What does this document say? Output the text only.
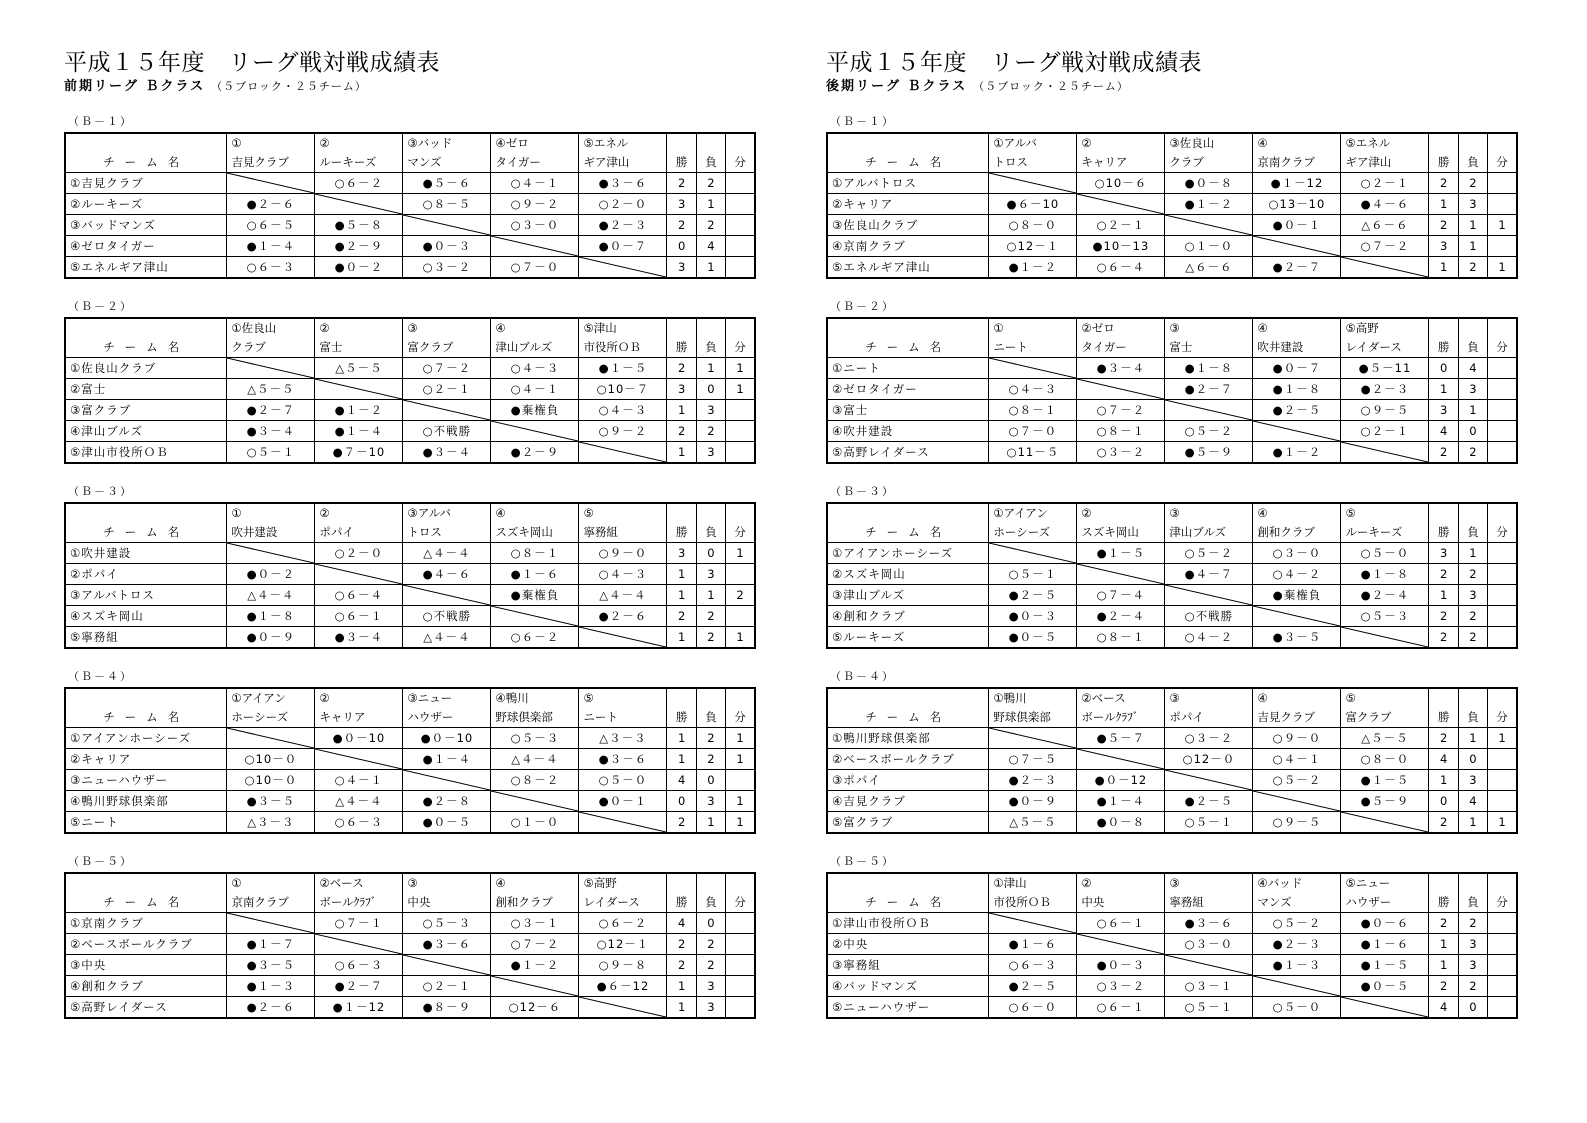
平成１５年度　リーグ戦対戦成績表
前期リーグ Ｂクラス （５ブロック・２５チーム）
（Ｂ－１）
	①	②	③バッド	④ゼロ	⑤エネル			
チーム名	吉見クラブ	ルーキーズ	マンズ	タイガー	ギア津山	勝	負	分
①吉見クラブ		○６－２	●５－６	○４－１	●３－６	2	2	
②ルーキーズ	●２－６		○８－５	○９－２	○２－０	3	1	
③バッドマンズ	○６－５	●５－８		○３－０	●２－３	2	2	
④ゼロタイガー	●１－４	●２－９	●０－３		●０－７	0	4	
⑤エネルギア津山	○６－３	●０－２	○３－２	○７－０		3	1	
（Ｂ－２）
	①佐良山	②	③	④	⑤津山			
チーム名	クラブ	富士	富クラブ	津山ブルズ	市役所ＯＢ	勝	負	分
①佐良山クラブ		△５－５	○７－２	○４－３	●１－５	2	1	1
②富士	△５－５		○２－１	○４－１	○10－７	3	0	1
③富クラブ	●２－７	●１－２		●棄権負	○４－３	1	3	
④津山ブルズ	●３－４	●１－４	○不戦勝		○９－２	2	2	
⑤津山市役所ＯＢ	○５－１	●７－10	●３－４	●２－９		1	3	
（Ｂ－３）
	①	②	③アルバ	④	⑤			
チーム名	吹井建設	ポパイ	トロス	スズキ岡山	寧務組	勝	負	分
①吹井建設		○２－０	△４－４	○８－１	○９－０	3	0	1
②ポパイ	●０－２		●４－６	●１－６	○４－３	1	3	
③アルバトロス	△４－４	○６－４		●棄権負	△４－４	1	1	2
④スズキ岡山	●１－８	○６－１	○不戦勝		●２－６	2	2	
⑤寧務組	●０－９	●３－４	△４－４	○６－２		1	2	1
（Ｂ－４）
	①アイアン	②	③ニュー	④鴨川	⑤			
チーム名	ホーシーズ	キャリア	ハウザー	野球倶楽部	ニート	勝	負	分
①アイアンホーシーズ		●０－10	●０－10	○５－３	△３－３	1	2	1
②キャリア	○10－０		●１－４	△４－４	●３－６	1	2	1
③ニューハウザー	○10－０	○４－１		○８－２	○５－０	4	0	
④鴨川野球倶楽部	●３－５	△４－４	●２－８		●０－１	0	3	1
⑤ニート	△３－３	○６－３	●０－５	○１－０		2	1	1
（Ｂ－５）
	①	②ベース	③	④	⑤高野			
チーム名	京南クラブ	ボールｸﾗﾌﾞ	中央	創和クラブ	レイダース	勝	負	分
①京南クラブ		○７－１	○５－３	○３－１	○６－２	4	0	
②ベースボールクラブ	●１－７		●３－６	○７－２	○12－１	2	2	
③中央	●３－５	○６－３		●１－２	○９－８	2	2	
④創和クラブ	●１－３	●２－７	○２－１		●６－12	1	3	
⑤高野レイダース	●２－６	●１－12	●８－９	○12－６		1	3	
平成１５年度　リーグ戦対戦成績表
後期リーグ Ｂクラス （５ブロック・２５チーム）
（Ｂ－１）
	①アルバ	②	③佐良山	④	⑤エネル			
チーム名	トロス	キャリア	クラブ	京南クラブ	ギア津山	勝	負	分
①アルバトロス		○10－６	●０－８	●１－12	○２－１	2	2	
②キャリア	●６－10		●１－２	○13－10	●４－６	1	3	
③佐良山クラブ	○８－０	○２－１		●０－１	△６－６	2	1	1
④京南クラブ	○12－１	●10－13	○１－０		○７－２	3	1	
⑤エネルギア津山	●１－２	○６－４	△６－６	●２－７		1	2	1
（Ｂ－２）
	①	②ゼロ	③	④	⑤高野			
チーム名	ニート	タイガー	富士	吹井建設	レイダース	勝	負	分
①ニート		●３－４	●１－８	●０－７	●５－11	0	4	
②ゼロタイガー	○４－３		●２－７	●１－８	●２－３	1	3	
③富士	○８－１	○７－２		●２－５	○９－５	3	1	
④吹井建設	○７－０	○８－１	○５－２		○２－１	4	0	
⑤高野レイダース	○11－５	○３－２	●５－９	●１－２		2	2	
（Ｂ－３）
	①アイアン	②	③	④	⑤			
チーム名	ホーシーズ	スズキ岡山	津山ブルズ	創和クラブ	ルーキーズ	勝	負	分
①アイアンホーシーズ		●１－５	○５－２	○３－０	○５－０	3	1	
②スズキ岡山	○５－１		●４－７	○４－２	●１－８	2	2	
③津山ブルズ	●２－５	○７－４		●棄権負	●２－４	1	3	
④創和クラブ	●０－３	●２－４	○不戦勝		○５－３	2	2	
⑤ルーキーズ	●０－５	○８－１	○４－２	●３－５		2	2	
（Ｂ－４）
	①鴨川	②ベース	③	④	⑤			
チーム名	野球倶楽部	ボールｸﾗﾌﾞ	ポパイ	吉見クラブ	富クラブ	勝	負	分
①鴨川野球倶楽部		●５－７	○３－２	○９－０	△５－５	2	1	1
②ベースボールクラブ	○７－５		○12－０	○４－１	○８－０	4	0	
③ポパイ	●２－３	●０－12		○５－２	●１－５	1	3	
④吉見クラブ	●０－９	●１－４	●２－５		●５－９	0	4	
⑤富クラブ	△５－５	●０－８	○５－１	○９－５		2	1	1
（Ｂ－５）
	①津山	②	③	④バッド	⑤ニュー			
チーム名	市役所ＯＢ	中央	寧務組	マンズ	ハウザー	勝	負	分
①津山市役所ＯＢ		○６－１	●３－６	○５－２	●０－６	2	2	
②中央	●１－６		○３－０	●２－３	●１－６	1	3	
③寧務組	○６－３	●０－３		●１－３	●１－５	1	3	
④バッドマンズ	●２－５	○３－２	○３－１		●０－５	2	2	
⑤ニューハウザー	○６－０	○６－１	○５－１	○５－０		4	0	
